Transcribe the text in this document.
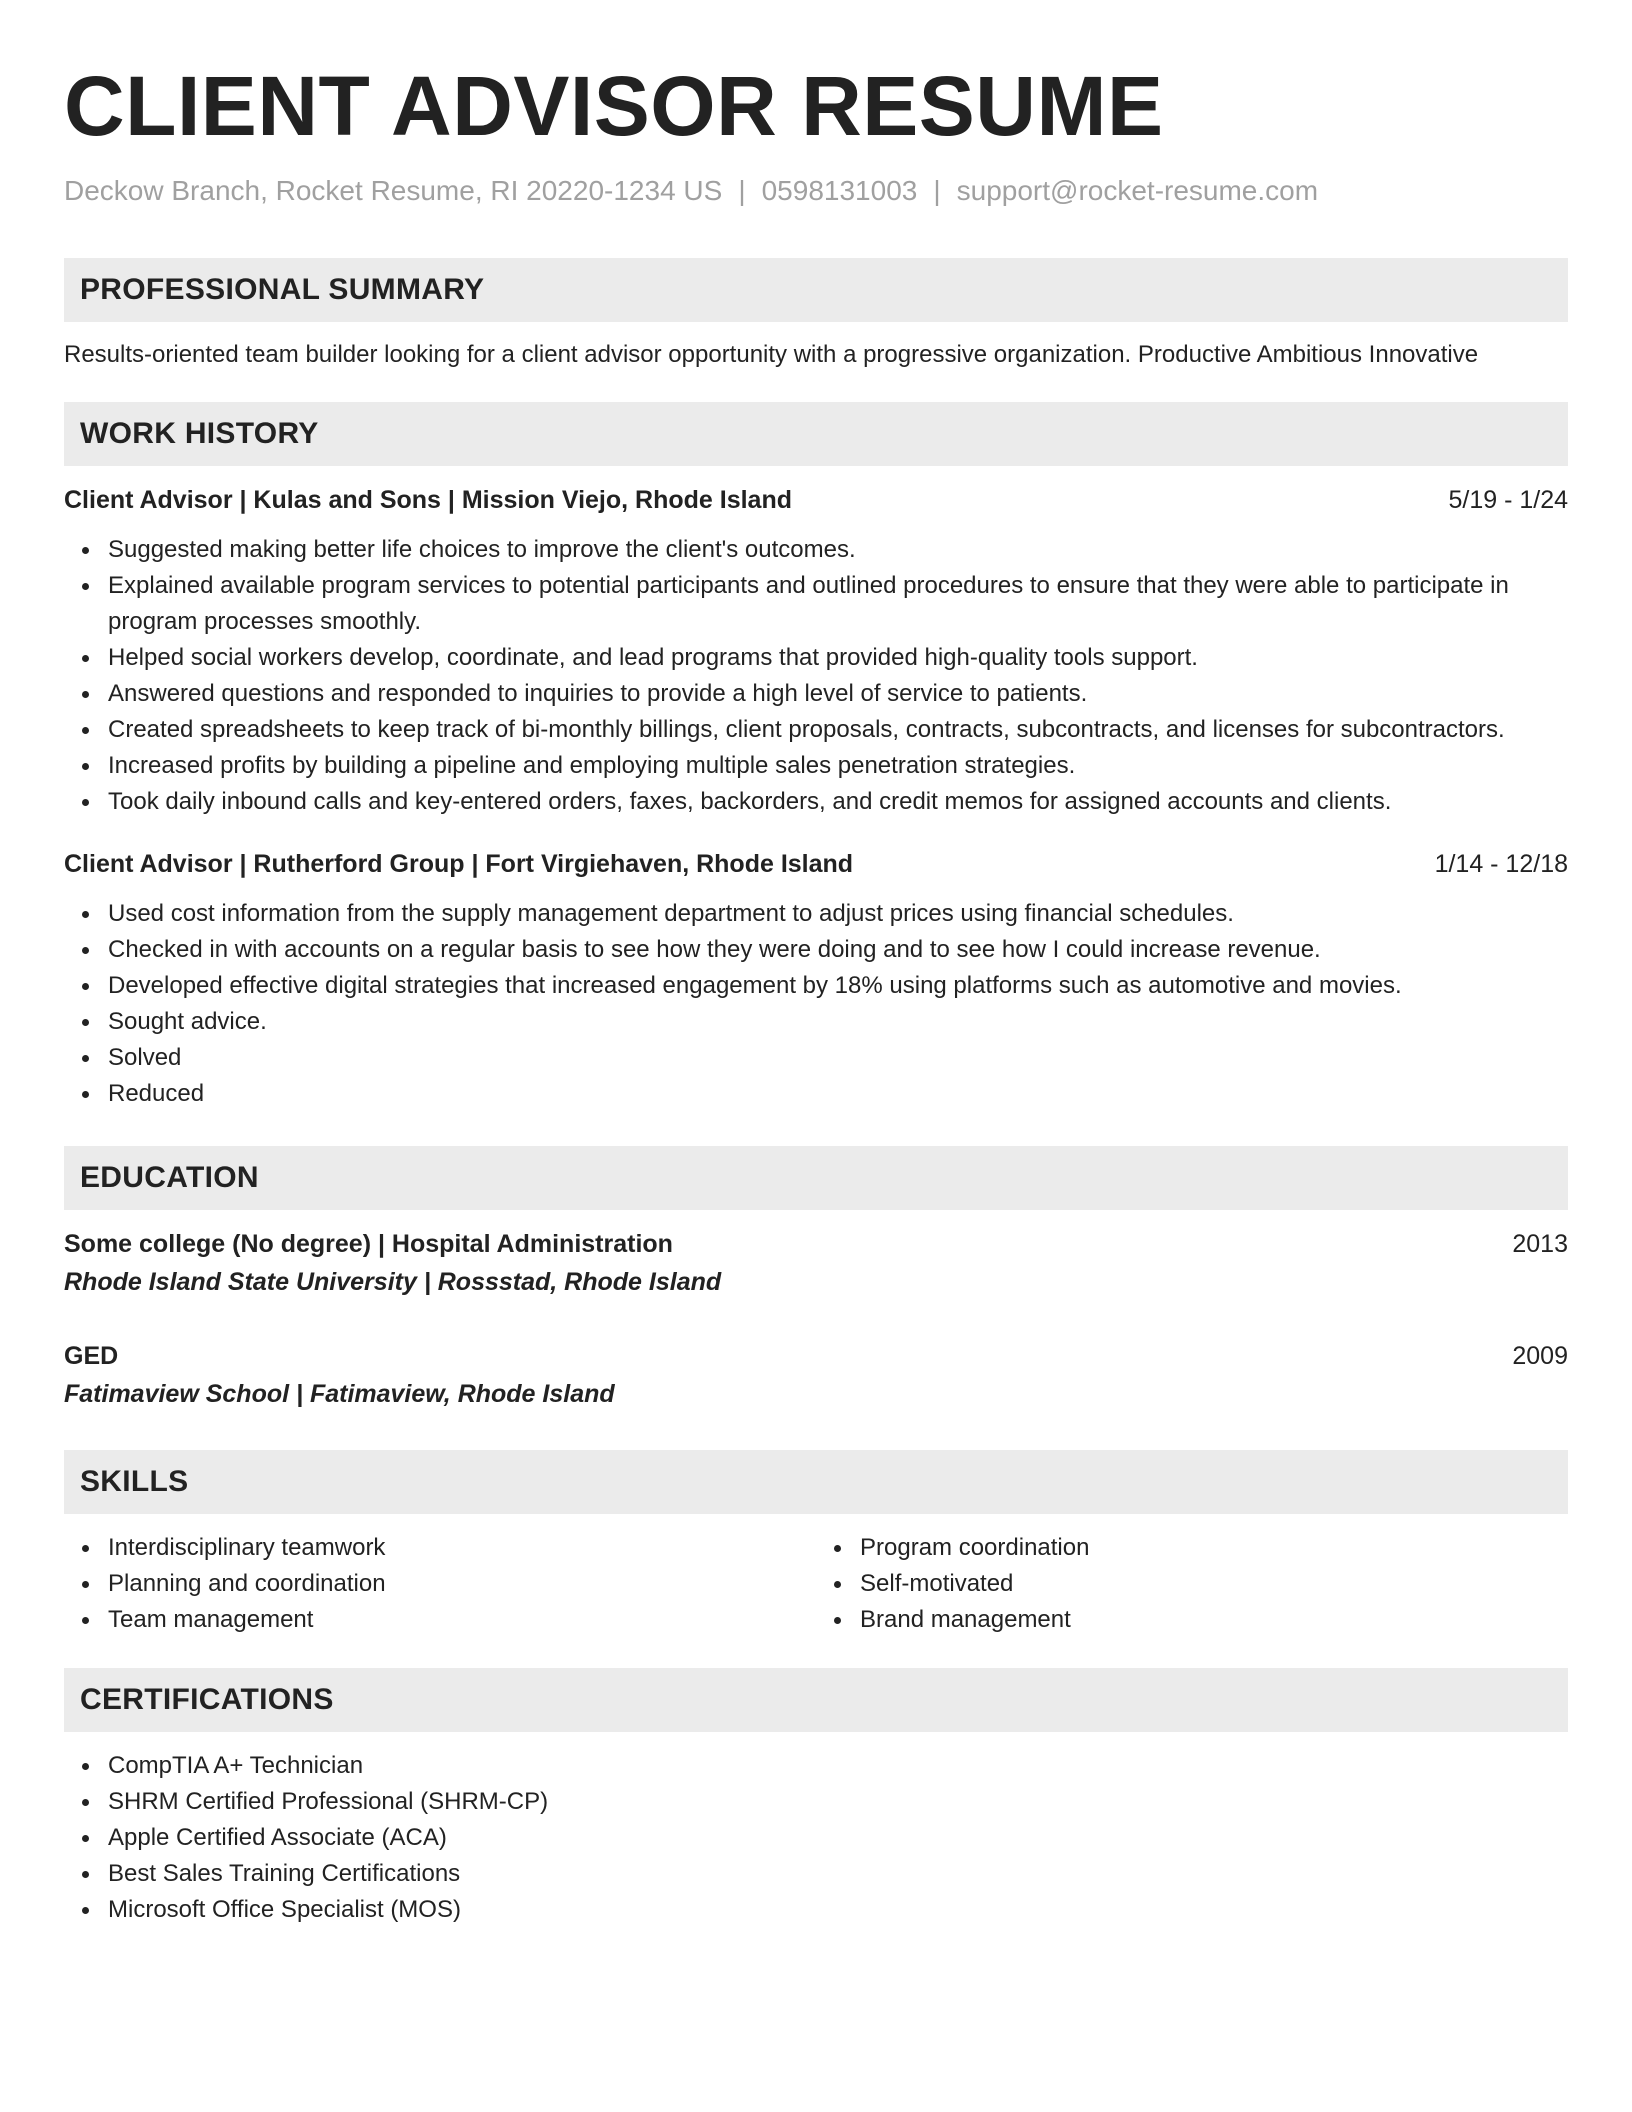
CLIENT ADVISOR RESUME
Deckow Branch, Rocket Resume, RI 20220-1234 US | 0598131003 | support@rocket-resume.com
PROFESSIONAL SUMMARY
Results-oriented team builder looking for a client advisor opportunity with a progressive organization. Productive Ambitious Innovative
WORK HISTORY
Client Advisor | Kulas and Sons | Mission Viejo, Rhode Island	5/19 - 1/24
Suggested making better life choices to improve the client's outcomes.
Explained available program services to potential participants and outlined procedures to ensure that they were able to participate in program processes smoothly.
Helped social workers develop, coordinate, and lead programs that provided high-quality tools support.
Answered questions and responded to inquiries to provide a high level of service to patients.
Created spreadsheets to keep track of bi-monthly billings, client proposals, contracts, subcontracts, and licenses for subcontractors.
Increased profits by building a pipeline and employing multiple sales penetration strategies.
Took daily inbound calls and key-entered orders, faxes, backorders, and credit memos for assigned accounts and clients.
Client Advisor | Rutherford Group | Fort Virgiehaven, Rhode Island	1/14 - 12/18
Used cost information from the supply management department to adjust prices using financial schedules.
Checked in with accounts on a regular basis to see how they were doing and to see how I could increase revenue.
Developed effective digital strategies that increased engagement by 18% using platforms such as automotive and movies.
Sought advice.
Solved
Reduced
EDUCATION
Some college (No degree) | Hospital Administration	2013
Rhode Island State University | Rossstad, Rhode Island
GED	2009
Fatimaview School | Fatimaview, Rhode Island
SKILLS
Interdisciplinary teamwork
Planning and coordination
Team management
Program coordination
Self-motivated
Brand management
CERTIFICATIONS
CompTIA A+ Technician
SHRM Certified Professional (SHRM-CP)
Apple Certified Associate (ACA)
Best Sales Training Certifications
Microsoft Office Specialist (MOS)
